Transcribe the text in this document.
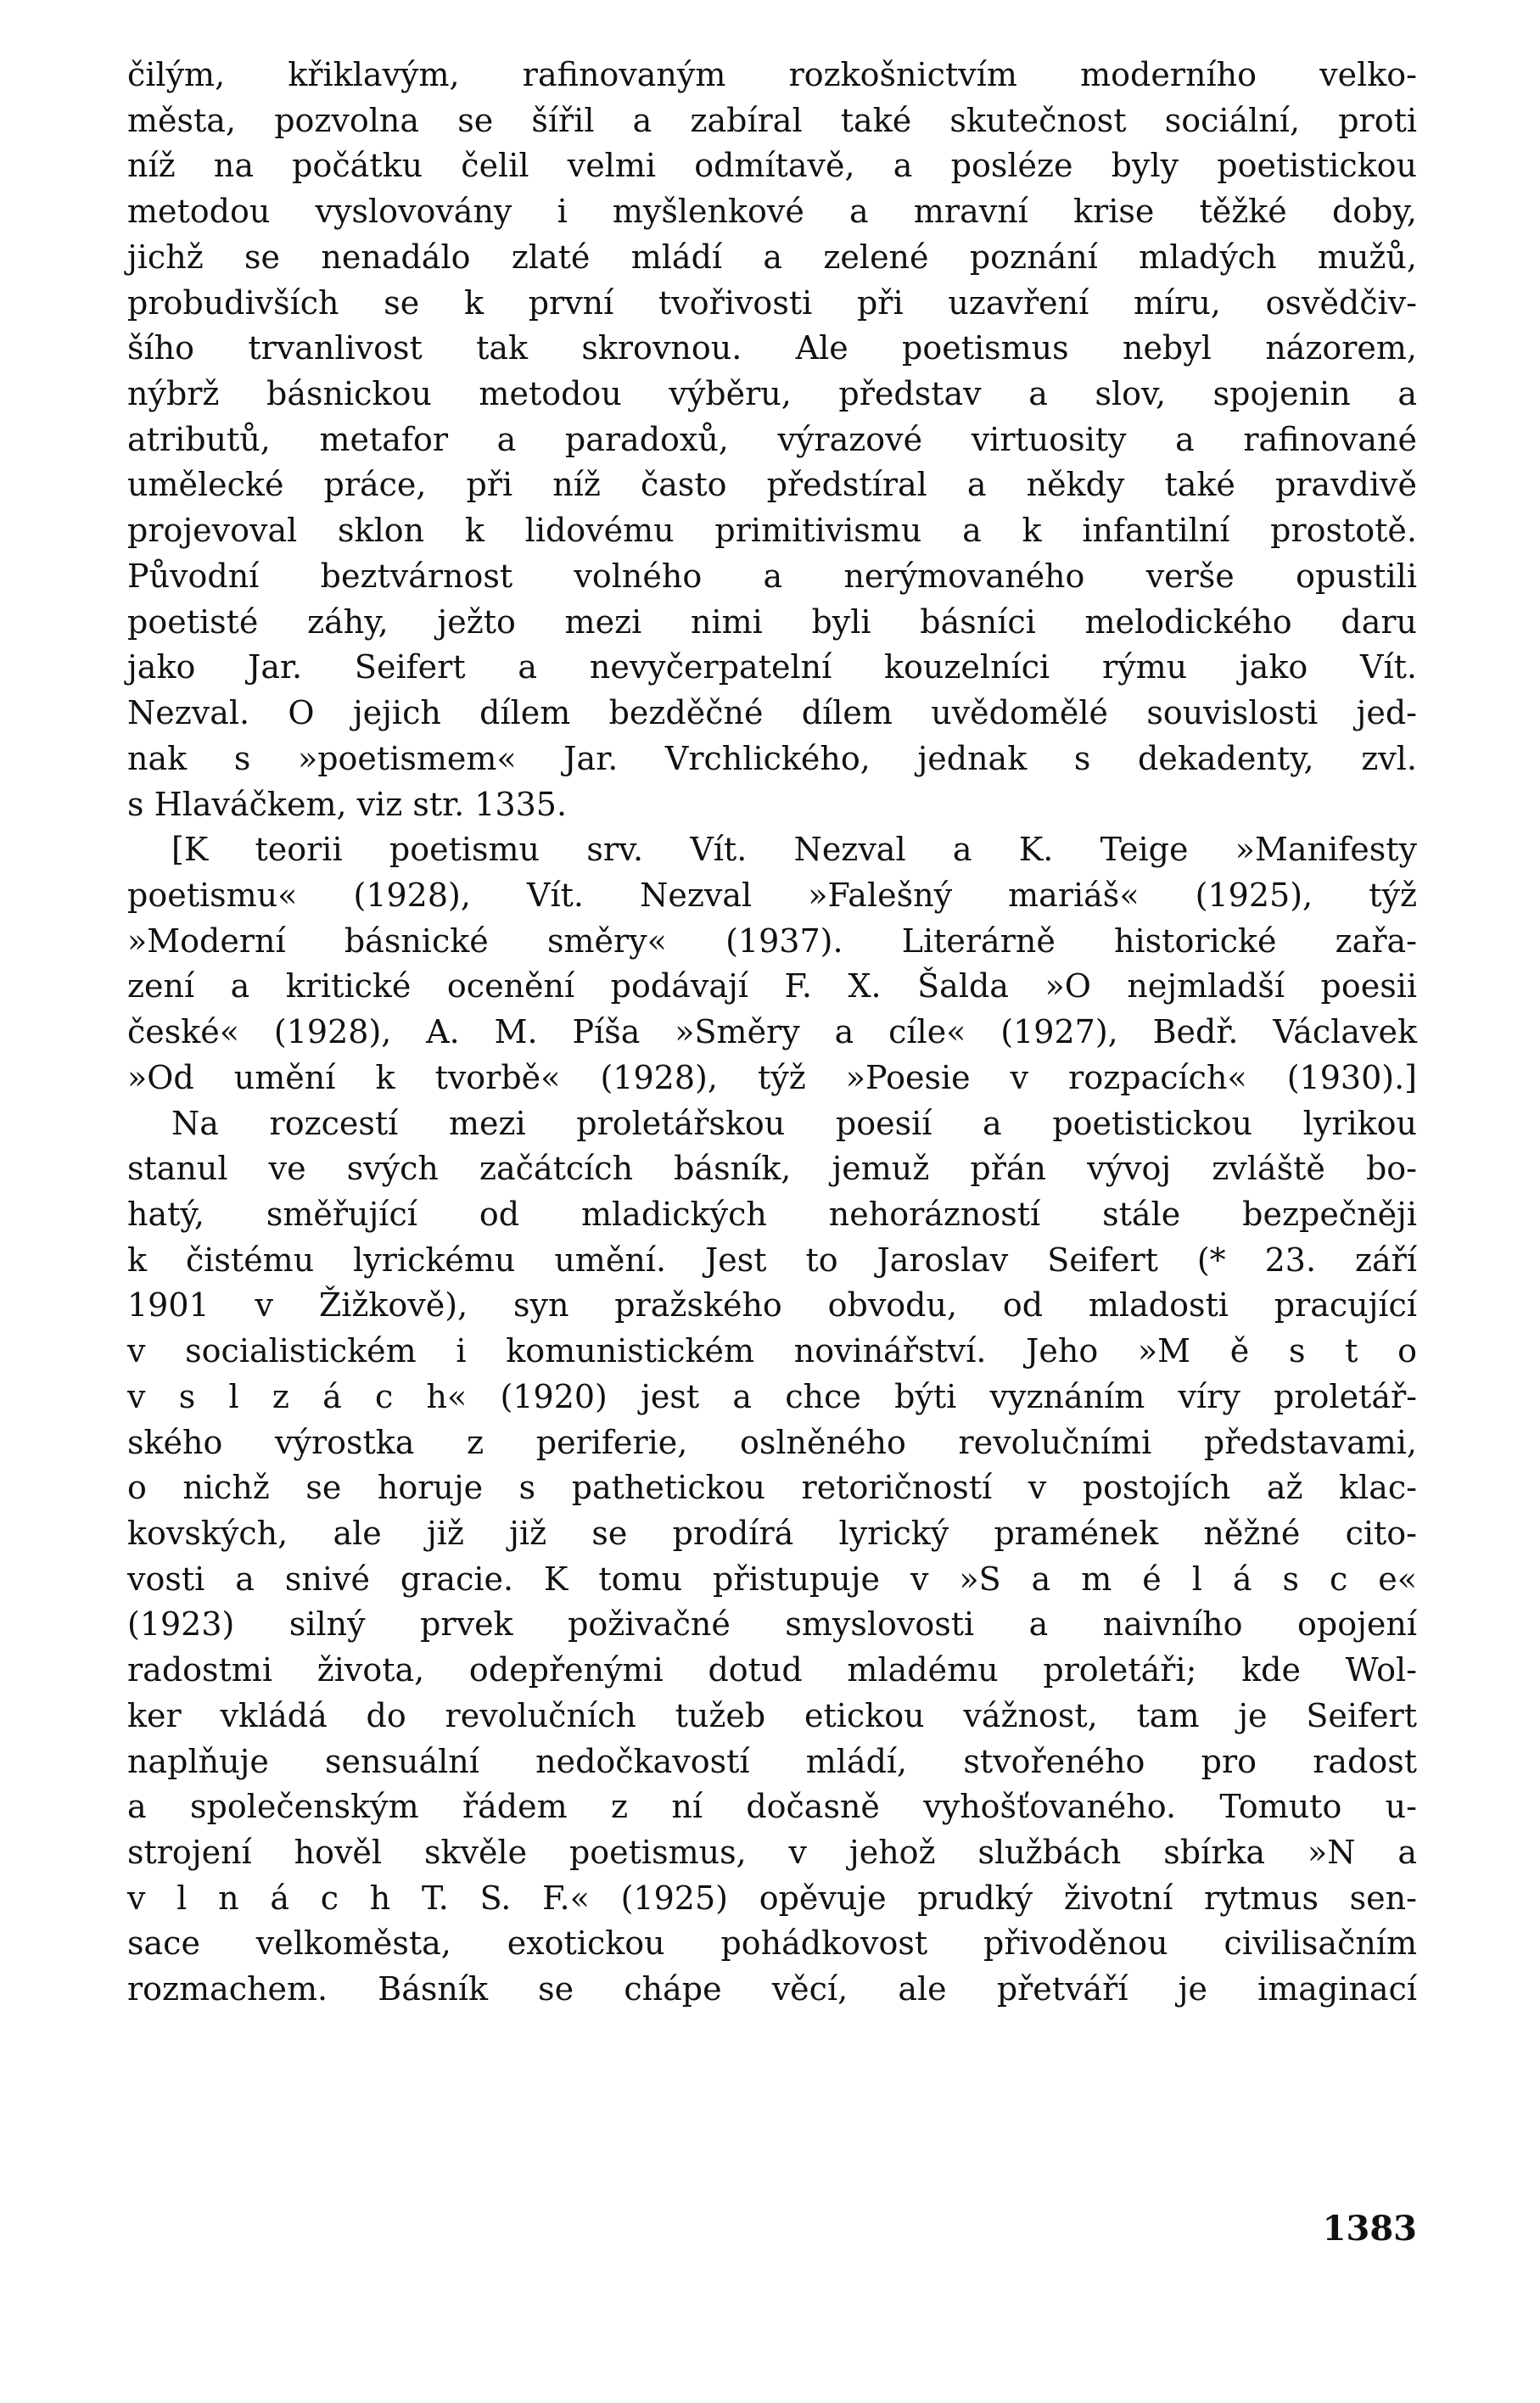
čilým, křiklavým, rafinovaným rozkošnictvím moderního velko-
města, pozvolna se šířil a zabíral také skutečnost sociální, proti
níž na počátku čelil velmi odmítavě, a posléze byly poetistickou
metodou vyslovovány i myšlenkové a mravní krise těžké doby,
jichž se nenadálo zlaté mládí a zelené poznání mladých mužů,
probudivších se k první tvořivosti při uzavření míru, osvědčiv-
šího trvanlivost tak skrovnou. Ale poetismus nebyl názorem,
nýbrž básnickou metodou výběru, představ a slov, spojenin a
atributů, metafor a paradoxů, výrazové virtuosity a rafinované
umělecké práce, při níž často předstíral a někdy také pravdivě
projevoval sklon k lidovému primitivismu a k infantilní prostotě.
Původní beztvárnost volného a nerýmovaného verše opustili
poetisté záhy, ježto mezi nimi byli básníci melodického daru
jako Jar. Seifert a nevyčerpatelní kouzelníci rýmu jako Vít.
Nezval. O jejich dílem bezděčné dílem uvědomělé souvislosti jed-
nak s »poetismem« Jar. Vrchlického, jednak s dekadenty, zvl.
s Hlaváčkem, viz str. 1335.
[K teorii poetismu srv. Vít. Nezval a K. Teige »Manifesty
poetismu« (1928), Vít. Nezval »Falešný mariáš« (1925), týž
»Moderní básnické směry« (1937). Literárně historické zařa-
zení a kritické ocenění podávají F. X. Šalda »O nejmladší poesii
české« (1928), A. M. Píša »Směry a cíle« (1927), Bedř. Václavek
»Od umění k tvorbě« (1928), týž »Poesie v rozpacích« (1930).]
Na rozcestí mezi proletářskou poesií a poetistickou lyrikou
stanul ve svých začátcích básník, jemuž přán vývoj zvláště bo-
hatý, směřující od mladických nehorázností stále bezpečněji
k čistému lyrickému umění. Jest to Jaroslav Seifert (* 23. září
1901 v Žižkově), syn pražského obvodu, od mladosti pracující
v socialistickém i komunistickém novinářství. Jeho »M ě s t o
v s l z á c h« (1920) jest a chce býti vyznáním víry proletář-
ského výrostka z periferie, oslněného revolučními představami,
o nichž se horuje s pathetickou retoričností v postojích až klac-
kovských, ale již již se prodírá lyrický pramének něžné cito-
vosti a snivé gracie. K tomu přistupuje v »S a m é l á s c e«
(1923) silný prvek poživačné smyslovosti a naivního opojení
radostmi života, odepřenými dotud mladému proletáři; kde Wol-
ker vkládá do revolučních tužeb etickou vážnost, tam je Seifert
naplňuje sensuální nedočkavostí mládí, stvořeného pro radost
a společenským řádem z ní dočasně vyhošťovaného. Tomuto u-
strojení hověl skvěle poetismus, v jehož službách sbírka »N a
v l n á c h T. S. F.« (1925) opěvuje prudký životní rytmus sen-
sace velkoměsta, exotickou pohádkovost přivoděnou civilisačním
rozmachem. Básník se chápe věcí, ale přetváří je imaginací
1383
